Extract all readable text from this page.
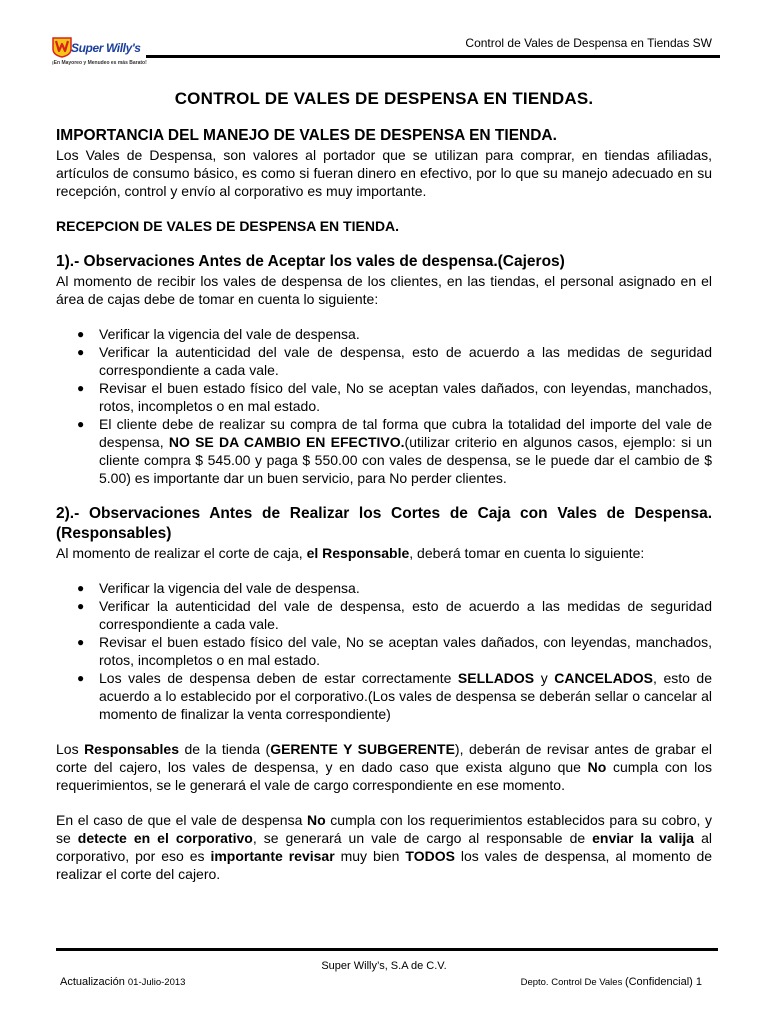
Super Willy's
¡En Mayoreo y Menudeo es más Barato!
Control de Vales de Despensa en Tiendas SW
CONTROL DE VALES DE DESPENSA EN TIENDAS.
IMPORTANCIA DEL MANEJO DE VALES DE DESPENSA EN TIENDA.

Los Vales de Despensa, son valores al portador que se utilizan para comprar, en tiendas afiliadas, artículos de consumo básico, es como si fueran dinero en efectivo, por lo que su manejo adecuado en su recepción, control y envío al corporativo es muy importante.

RECEPCION DE VALES DE DESPENSA EN TIENDA.
1).- Observaciones Antes de Aceptar los vales de despensa.(Cajeros)

Al momento de recibir los vales de despensa de los clientes, en las tiendas, el personal asignado en el área de cajas debe de tomar en cuenta lo siguiente:

● Verificar la vigencia del vale de despensa.
● Verificar la autenticidad del vale de despensa, esto de acuerdo a las medidas de seguridad correspondiente a cada vale.
● Revisar el buen estado físico del vale, No se aceptan vales dañados, con leyendas, manchados, rotos, incompletos o en mal estado.
● El cliente debe de realizar su compra de tal forma que cubra la totalidad del importe del vale de despensa, NO SE DA CAMBIO EN EFECTIVO.(utilizar criterio en algunos casos, ejemplo: si un cliente compra $ 545.00 y paga $ 550.00 con vales de despensa, se le puede dar el cambio de $ 5.00) es importante dar un buen servicio, para No perder clientes.
2).- Observaciones Antes de Realizar los Cortes de Caja con Vales de Despensa. (Responsables)

Al momento de realizar el corte de caja, el Responsable, deberá tomar en cuenta lo siguiente:

● Verificar la vigencia del vale de despensa.
● Verificar la autenticidad del vale de despensa, esto de acuerdo a las medidas de seguridad correspondiente a cada vale.
● Revisar el buen estado físico del vale, No se aceptan vales dañados, con leyendas, manchados, rotos, incompletos o en mal estado.
● Los vales de despensa deben de estar correctamente SELLADOS y CANCELADOS, esto de acuerdo a lo establecido por el corporativo.(Los vales de despensa se deberán sellar o cancelar al momento de finalizar la venta correspondiente)

Los Responsables de la tienda (GERENTE Y SUBGERENTE), deberán de revisar antes de grabar el corte del cajero, los vales de despensa, y en dado caso que exista alguno que No cumpla con los requerimientos, se le generará el vale de cargo correspondiente en ese momento.

En el caso de que el vale de despensa No cumpla con los requerimientos establecidos para su cobro, y se detecte en el corporativo, se generará un vale de cargo al responsable de enviar la valija al corporativo, por eso es importante revisar muy bien TODOS los vales de despensa, al momento de realizar el corte del cajero.

Super Willy’s, S.A de C.V.
Actualización 01-Julio-2013	Depto. Control De Vales (Confidencial) 1
